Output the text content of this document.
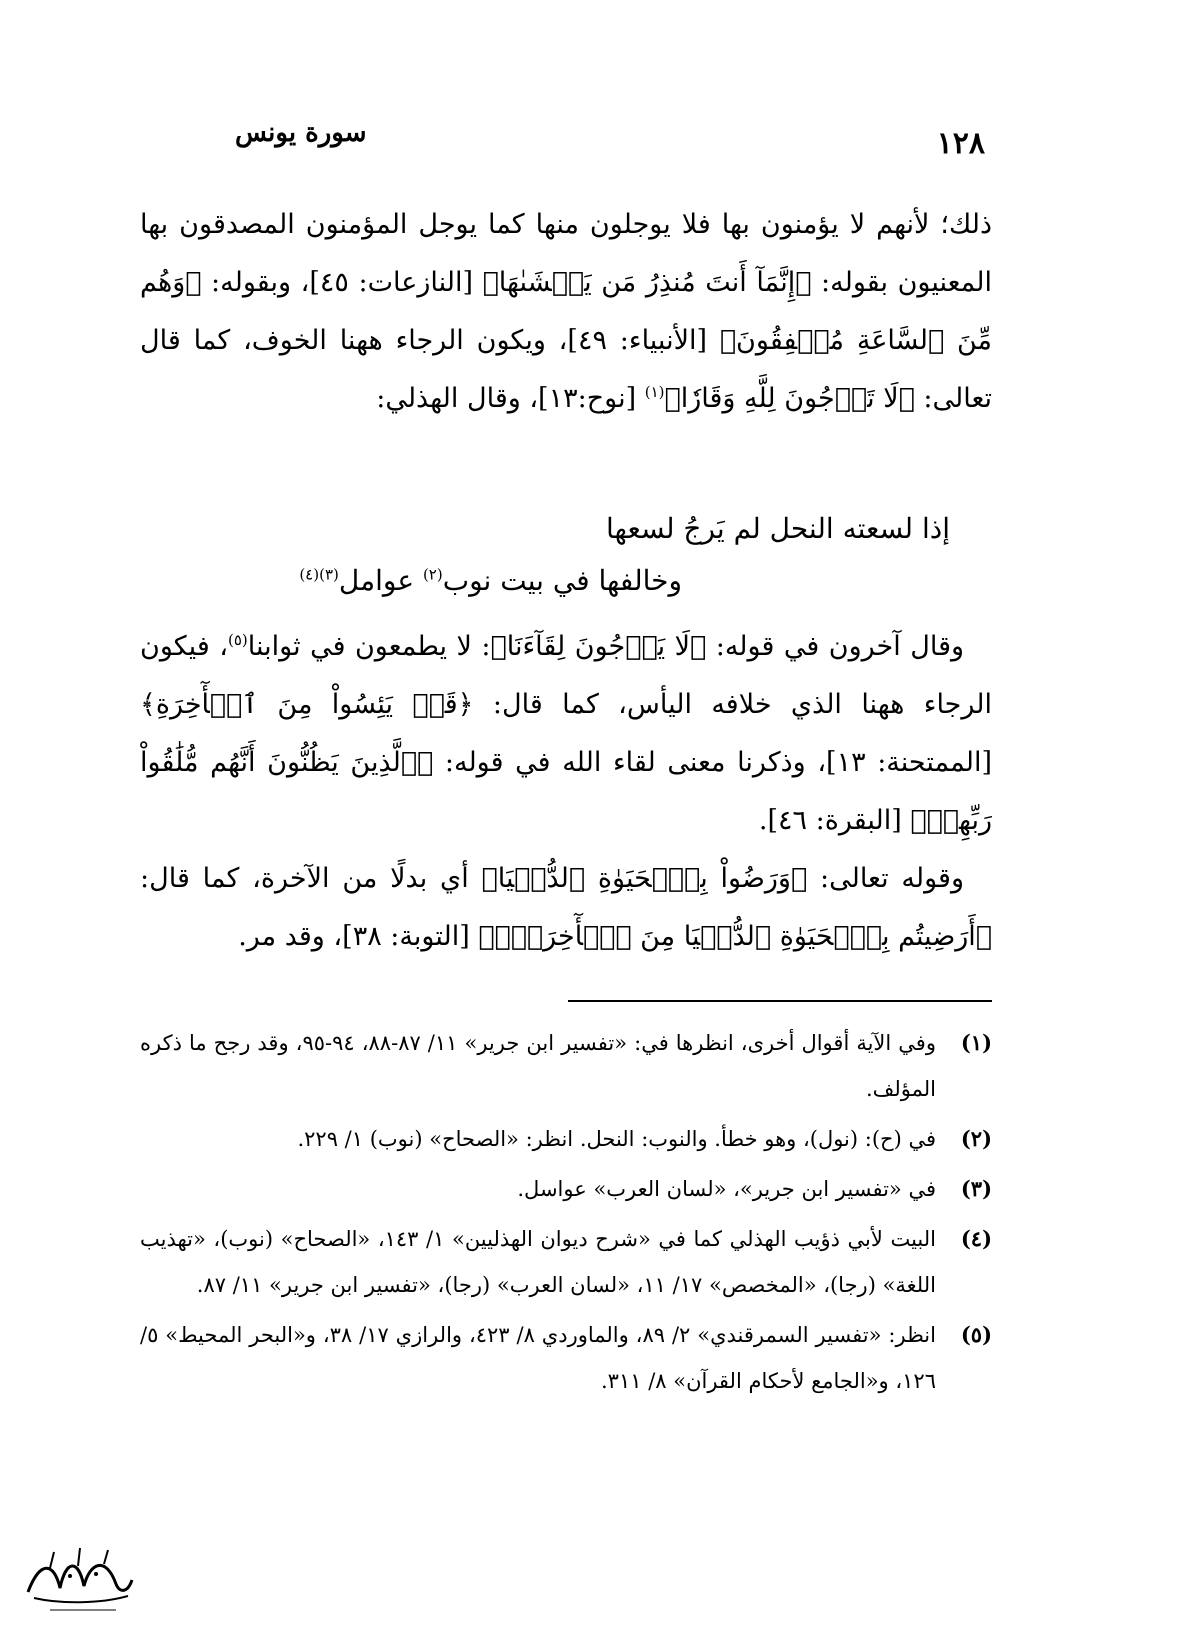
١٢٨
سورة يونس

ذلك؛ لأنهم لا يؤمنون بها فلا يوجلون منها كما يوجل المؤمنون المصدقون بها المعنيون بقوله: ﴿إِنَّمَآ أَنتَ مُنذِرُ مَن يَخۡشَىٰهَا﴾ [النازعات: ٤٥]، وبقوله: ﴿وَهُم مِّنَ ٱلسَّاعَةِ مُشۡفِقُونَ﴾ [الأنبياء: ٤٩]، ويكون الرجاء ههنا الخوف، كما قال تعالى: ﴿لَا تَرۡجُونَ لِلَّهِ وَقَارٗا﴾$^{(١)}$ [نوح:١٣]، وقال الهذلي:

إذا لسعته النحل لم يَرجُ لسعها
وخالفها في بيت نوب$^{(٢)}$ عوامل$^{(٣)(٤)}$

وقال آخرون في قوله: ﴿لَا يَرۡجُونَ لِقَآءَنَا﴾: لا يطمعون في ثوابنا$^{(٥)}$، فيكون الرجاء ههنا الذي خلافه اليأس، كما قال: ﴿قَدۡ يَئِسُواْ مِنَ ٱلۡأٓخِرَةِ﴾ [الممتحنة: ١٣]، وذكرنا معنى لقاء الله في قوله: ﴿ٱلَّذِينَ يَظُنُّونَ أَنَّهُم مُّلَٰقُواْ رَبِّهِمۡ﴾ [البقرة: ٤٦].

وقوله تعالى: ﴿وَرَضُواْ بِٱلۡحَيَوٰةِ ٱلدُّنۡيَا﴾ أي بدلًا من الآخرة، كما قال: ﴿أَرَضِيتُم بِٱلۡحَيَوٰةِ ٱلدُّنۡيَا مِنَ ٱلۡأٓخِرَةِۚ﴾ [التوبة: ٣٨]، وقد مر.

(١)
وفي الآية أقوال أخرى، انظرها في: «تفسير ابن جرير» ١١/ ٨٧-٨٨، ٩٤-٩٥، وقد رجح ما ذكره المؤلف.
(٢)
في (ح): (نول)، وهو خطأ. والنوب: النحل. انظر: «الصحاح» (نوب) ١/ ٢٢٩.
(٣)
في «تفسير ابن جرير»، «لسان العرب» عواسل.
(٤)
البيت لأبي ذؤيب الهذلي كما في «شرح ديوان الهذليين» ١/ ١٤٣، «الصحاح» (نوب)، «تهذيب اللغة» (رجا)، «المخصص» ١٧/ ١١، «لسان العرب» (رجا)، «تفسير ابن جرير» ١١/ ٨٧.
(٥)
انظر: «تفسير السمرقندي» ٢/ ٨٩، والماوردي ٨/ ٤٢٣، والرازي ١٧/ ٣٨، و«البحر المحيط» ٥/ ١٢٦، و«الجامع لأحكام القرآن» ٨/ ٣١١.
